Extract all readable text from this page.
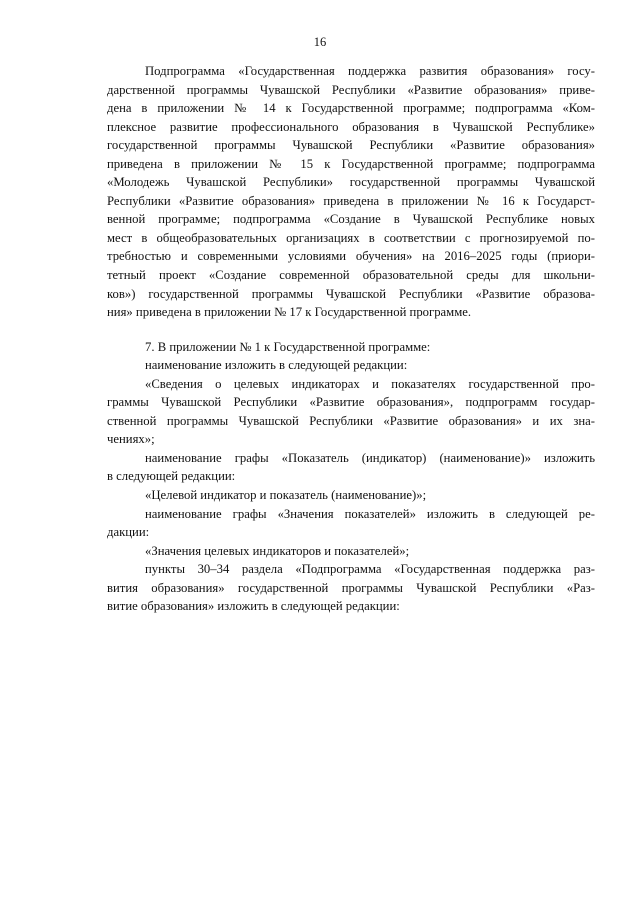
16
Подпрограмма «Государственная поддержка развития образования» госу-
дарственной программы Чувашской Республики «Развитие образования» приве-
дена в приложении № 14 к Государственной программе; подпрограмма «Ком-
плексное развитие профессионального образования в Чувашской Республике»
государственной программы Чувашской Республики «Развитие образования»
приведена в приложении № 15 к Государственной программе; подпрограмма
«Молодежь Чувашской Республики» государственной программы Чувашской
Республики «Развитие образования» приведена в приложении № 16 к Государст-
венной программе; подпрограмма «Создание в Чувашской Республике новых
мест в общеобразовательных организациях в соответствии с прогнозируемой по-
требностью и современными условиями обучения» на 2016–2025 годы (приори-
тетный проект «Создание современной образовательной среды для школьни-
ков») государственной программы Чувашской Республики «Развитие образова-
ния» приведена в приложении № 17 к Государственной программе.
7. В приложении № 1 к Государственной программе:
наименование изложить в следующей редакции:
«Сведения о целевых индикаторах и показателях государственной про-
граммы Чувашской Республики «Развитие образования», подпрограмм государ-
ственной программы Чувашской Республики «Развитие образования» и их зна-
чениях»;
наименование графы «Показатель (индикатор) (наименование)» изложить
в следующей редакции:
«Целевой индикатор и показатель (наименование)»;
наименование графы «Значения показателей» изложить в следующей ре-
дакции:
«Значения целевых индикаторов и показателей»;
пункты 30–34 раздела «Подпрограмма «Государственная поддержка раз-
вития образования» государственной программы Чувашской Республики «Раз-
витие образования» изложить в следующей редакции:
